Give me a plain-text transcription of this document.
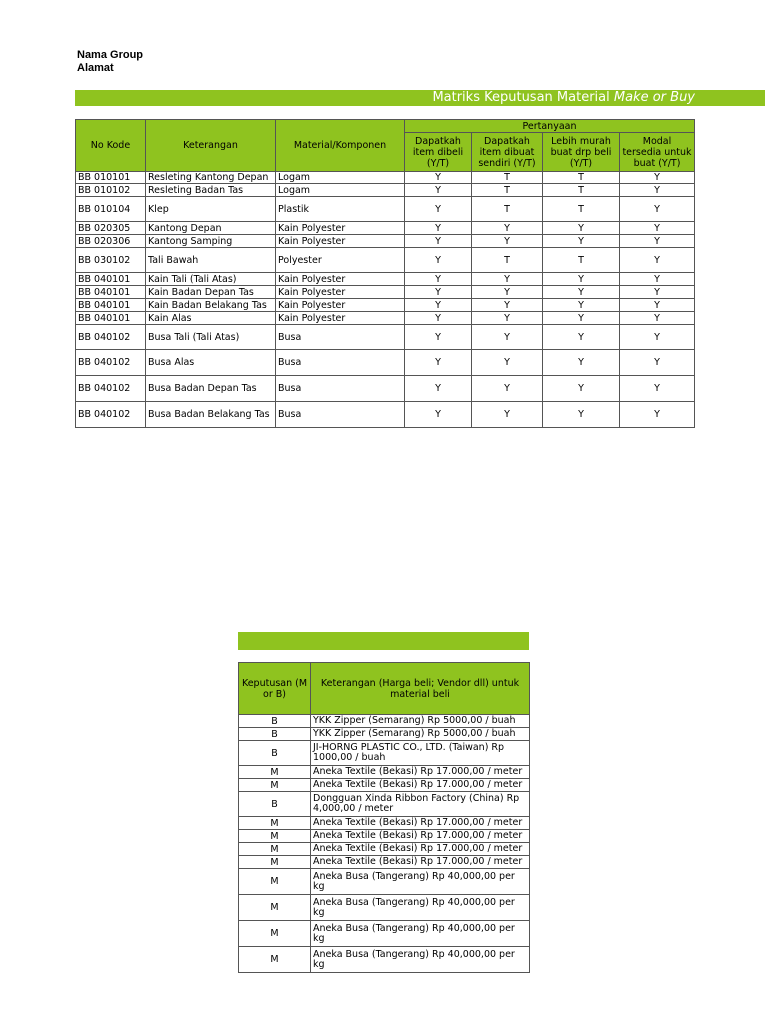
Nama Group
Alamat
Matriks Keputusan Material Make or Buy
No Kode	Keterangan	Material/Komponen	Pertanyaan			
			Dapatkah item dibeli (Y/T)	Dapatkah item dibuat sendiri (Y/T)	Lebih murah buat drp beli (Y/T)	Modal tersedia untuk buat (Y/T)
BB 010101	Resleting Kantong Depan	Logam	Y	T	T	Y
BB 010102	Resleting Badan Tas	Logam	Y	T	T	Y
BB 010104	Klep	Plastik	Y	T	T	Y
BB 020305	Kantong Depan	Kain Polyester	Y	Y	Y	Y
BB 020306	Kantong Samping	Kain Polyester	Y	Y	Y	Y
BB 030102	Tali Bawah	Polyester	Y	T	T	Y
BB 040101	Kain Tali (Tali Atas)	Kain Polyester	Y	Y	Y	Y
BB 040101	Kain Badan Depan Tas	Kain Polyester	Y	Y	Y	Y
BB 040101	Kain Badan Belakang Tas	Kain Polyester	Y	Y	Y	Y
BB 040101	Kain Alas	Kain Polyester	Y	Y	Y	Y
BB 040102	Busa Tali (Tali Atas)	Busa	Y	Y	Y	Y
BB 040102	Busa Alas	Busa	Y	Y	Y	Y
BB 040102	Busa Badan Depan Tas	Busa	Y	Y	Y	Y
BB 040102	Busa Badan Belakang Tas	Busa	Y	Y	Y	Y
Keputusan (M or B)	Keterangan (Harga beli; Vendor dll) untuk material beli
B	YKK Zipper (Semarang) Rp 5000,00 / buah
B	YKK Zipper (Semarang) Rp 5000,00 / buah
B	JI-HORNG PLASTIC CO., LTD. (Taiwan) Rp 1000,00 / buah
M	Aneka Textile (Bekasi) Rp 17.000,00 / meter
M	Aneka Textile (Bekasi) Rp 17.000,00 / meter
B	Dongguan Xinda Ribbon Factory (China) Rp 4,000,00 / meter
M	Aneka Textile (Bekasi) Rp 17.000,00 / meter
M	Aneka Textile (Bekasi) Rp 17.000,00 / meter
M	Aneka Textile (Bekasi) Rp 17.000,00 / meter
M	Aneka Textile (Bekasi) Rp 17.000,00 / meter
M	Aneka Busa (Tangerang) Rp 40,000,00 per kg
M	Aneka Busa (Tangerang) Rp 40,000,00 per kg
M	Aneka Busa (Tangerang) Rp 40,000,00 per kg
M	Aneka Busa (Tangerang) Rp 40,000,00 per kg
